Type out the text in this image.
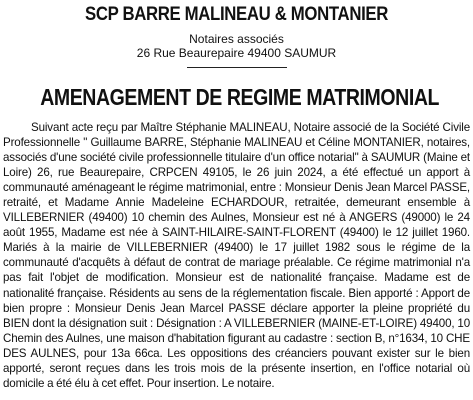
SCP BARRE MALINEAU & MONTANIER
Notaires associés
26 Rue Beaurepaire 49400 SAUMUR
AMENAGEMENT DE REGIME MATRIMONIAL

Suivant acte reçu par Maître Stéphanie MALINEAU, Notaire associé de la Société Civile Professionnelle " Guillaume BARRE, Stéphanie MALINEAU et Céline MONTANIER, notaires, associés d'une société civile professionnelle titulaire d'un office notarial" à SAUMUR (Maine et Loire) 26, rue Beaurepaire, CRPCEN 49105, le 26 juin 2024, a été effectué un apport à communauté aménageant le régime matrimonial, entre : Monsieur Denis Jean Marcel PASSE, retraité, et Madame Annie Madeleine ECHARDOUR, retraitée, demeurant ensemble à VILLEBERNIER (49400) 10 chemin des Aulnes, Monsieur est né à ANGERS (49000) le 24 août 1955, Madame est née à SAINT-HILAIRE-SAINT-FLORENT (49400) le 12 juillet 1960. Mariés à la mairie de VILLEBERNIER (49400) le 17 juillet 1982 sous le régime de la communauté d'acquêts à défaut de contrat de mariage préalable. Ce régime matrimonial n'a pas fait l'objet de modification. Monsieur est de nationalité française. Madame est de nationalité française. Résidents au sens de la réglementation fiscale. Bien apporté : Apport de bien propre : Monsieur Denis Jean Marcel PASSE déclare apporter la pleine propriété du BIEN dont la désignation suit : Désignation : A VILLEBERNIER (MAINE-ET-LOIRE) 49400, 10 Chemin des Aulnes, une maison d'habitation figurant au cadastre : section B, n°1634, 10 CHE DES AULNES, pour 13a 66ca. Les oppositions des créanciers pouvant exister sur le bien apporté, seront reçues dans les trois mois de la présente insertion, en l'office notarial où domicile a été élu à cet effet. Pour insertion. Le notaire.
